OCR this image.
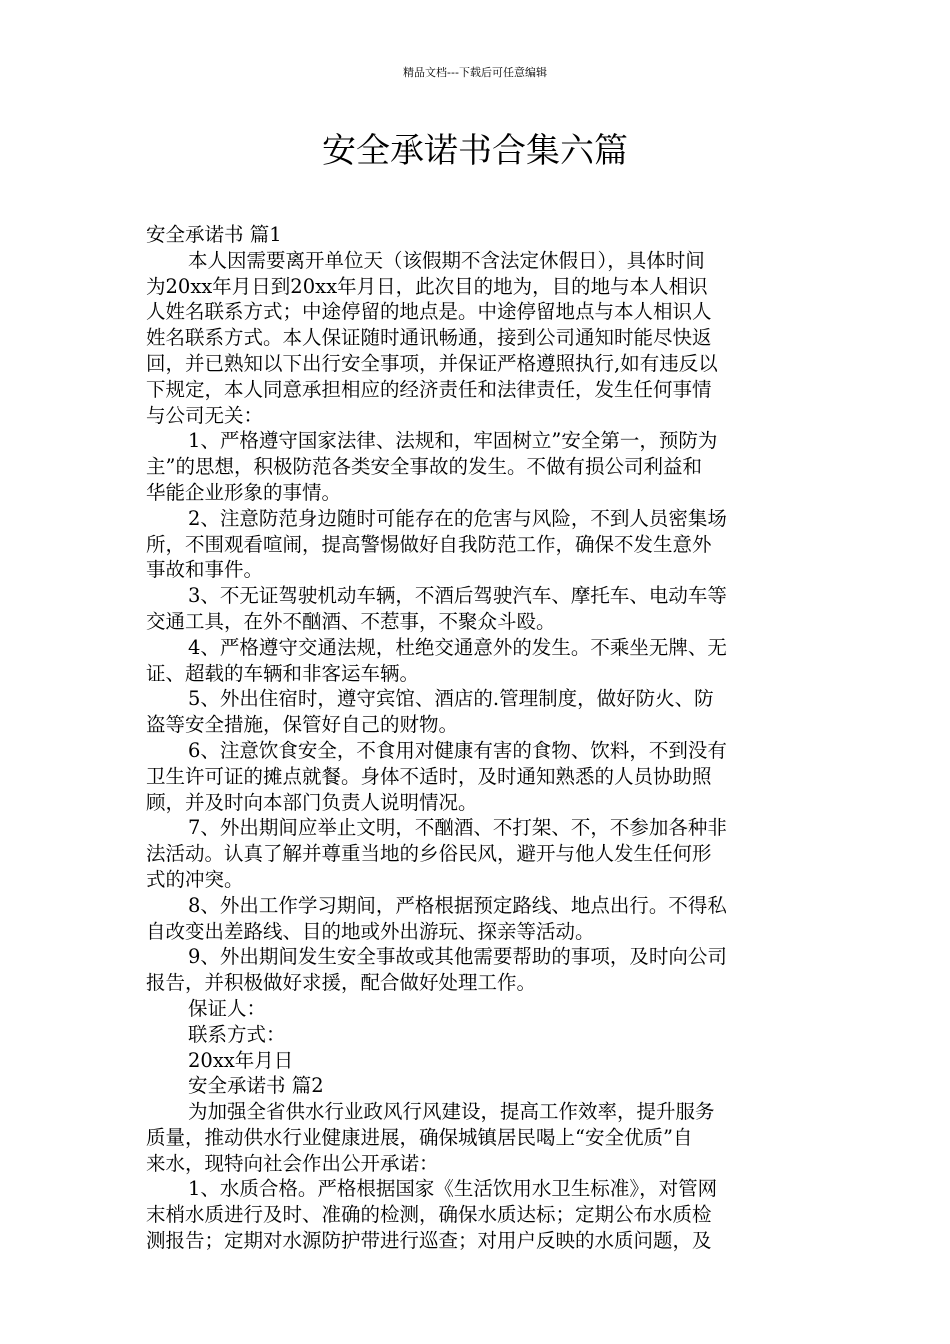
精品文档---下载后可任意编辑
安全承诺书合集六篇
安全承诺书 篇1
本人因需要离开单位天（该假期不含法定休假日），具体时间
为20xx年月日到20xx年月日，此次目的地为，目的地与本人相识
人姓名联系方式；中途停留的地点是。中途停留地点与本人相识人
姓名联系方式。本人保证随时通讯畅通，接到公司通知时能尽快返
回，并已熟知以下出行安全事项，并保证严格遵照执行,如有违反以
下规定，本人同意承担相应的经济责任和法律责任，发生任何事情
与公司无关：
1、严格遵守国家法律、法规和，牢固树立”安全第一，预防为
主”的思想，积极防范各类安全事故的发生。不做有损公司利益和
华能企业形象的事情。
2、注意防范身边随时可能存在的危害与风险，不到人员密集场
所，不围观看喧闹，提高警惕做好自我防范工作，确保不发生意外
事故和事件。
3、不无证驾驶机动车辆，不酒后驾驶汽车、摩托车、电动车等
交通工具，在外不酗酒、不惹事，不聚众斗殴。
4、严格遵守交通法规，杜绝交通意外的发生。不乘坐无牌、无
证、超载的车辆和非客运车辆。
5、外出住宿时，遵守宾馆、酒店的.管理制度，做好防火、防
盗等安全措施，保管好自己的财物。
6、注意饮食安全，不食用对健康有害的食物、饮料，不到没有
卫生许可证的摊点就餐。身体不适时，及时通知熟悉的人员协助照
顾，并及时向本部门负责人说明情况。
7、外出期间应举止文明，不酗酒、不打架、不，不参加各种非
法活动。认真了解并尊重当地的乡俗民风，避开与他人发生任何形
式的冲突。
8、外出工作学习期间，严格根据预定路线、地点出行。不得私
自改变出差路线、目的地或外出游玩、探亲等活动。
9、外出期间发生安全事故或其他需要帮助的事项，及时向公司
报告，并积极做好求援，配合做好处理工作。
保证人：
联系方式：
20xx年月日
安全承诺书 篇2
为加强全省供水行业政风行风建设，提高工作效率，提升服务
质量，推动供水行业健康进展，确保城镇居民喝上“安全优质”自
来水，现特向社会作出公开承诺：
1、水质合格。严格根据国家《生活饮用水卫生标准》，对管网
末梢水质进行及时、准确的检测，确保水质达标；定期公布水质检
测报告；定期对水源防护带进行巡查；对用户反映的水质问题，及
